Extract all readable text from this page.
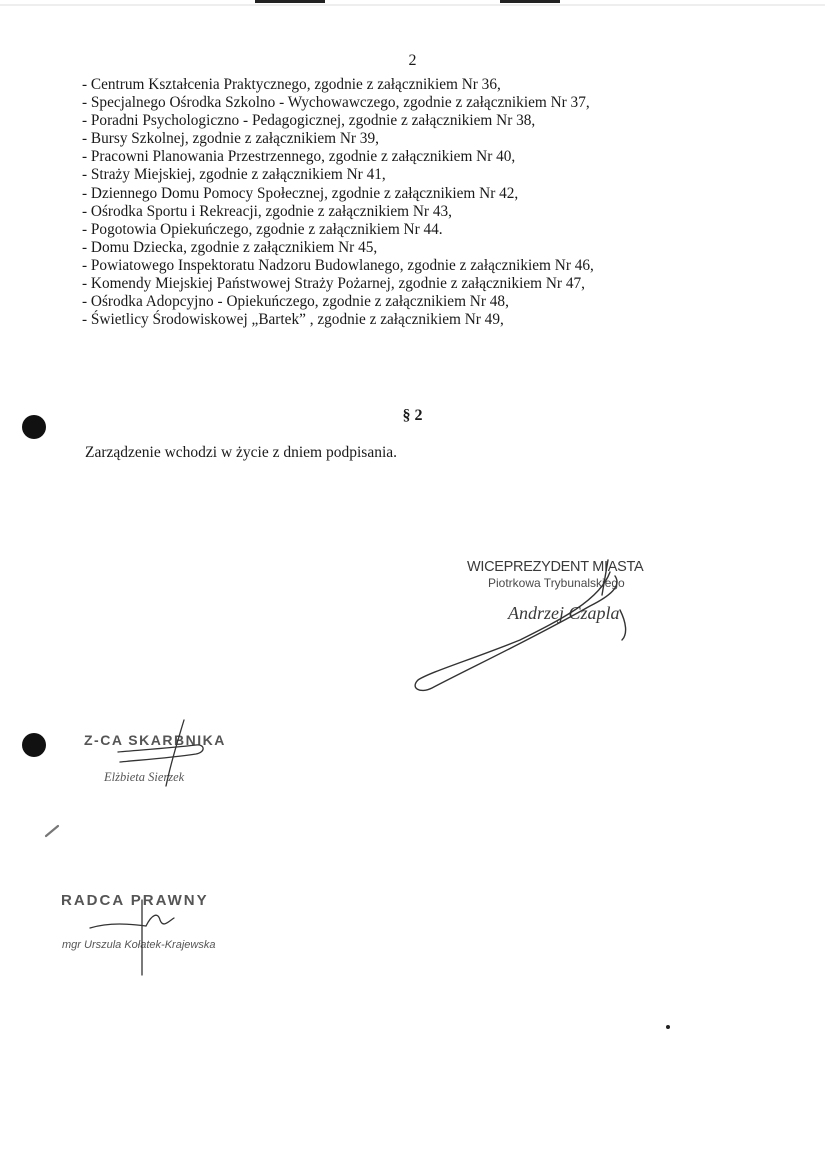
2
- Centrum Kształcenia Praktycznego, zgodnie z załącznikiem Nr 36,
- Specjalnego Ośrodka Szkolno - Wychowawczego, zgodnie z załącznikiem Nr 37,
- Poradni Psychologiczno - Pedagogicznej, zgodnie z załącznikiem Nr 38,
- Bursy Szkolnej, zgodnie z załącznikiem Nr 39,
- Pracowni Planowania Przestrzennego, zgodnie z załącznikiem Nr 40,
- Straży Miejskiej, zgodnie z załącznikiem Nr 41,
- Dziennego Domu Pomocy Społecznej, zgodnie z załącznikiem Nr 42,
- Ośrodka Sportu i Rekreacji, zgodnie z załącznikiem Nr 43,
- Pogotowia Opiekuńczego, zgodnie z załącznikiem Nr 44.
- Domu Dziecka, zgodnie z załącznikiem Nr 45,
- Powiatowego Inspektoratu Nadzoru Budowlanego, zgodnie z załącznikiem Nr 46,
- Komendy Miejskiej Państwowej Straży Pożarnej, zgodnie z załącznikiem Nr 47,
- Ośrodka Adopcyjno - Opiekuńczego, zgodnie z załącznikiem Nr 48,
- Świetlicy Środowiskowej „Bartek” , zgodnie z załącznikiem Nr 49,
§ 2
Zarządzenie wchodzi w życie z dniem podpisania.
WICEPREZYDENT MIASTA
Piotrkowa Trybunalskiego
Andrzej Czapla
Z-CA SKARBNIKA
Elżbieta Sierzek
RADCA PRAWNY
mgr Urszula Kołatek-Krajewska
